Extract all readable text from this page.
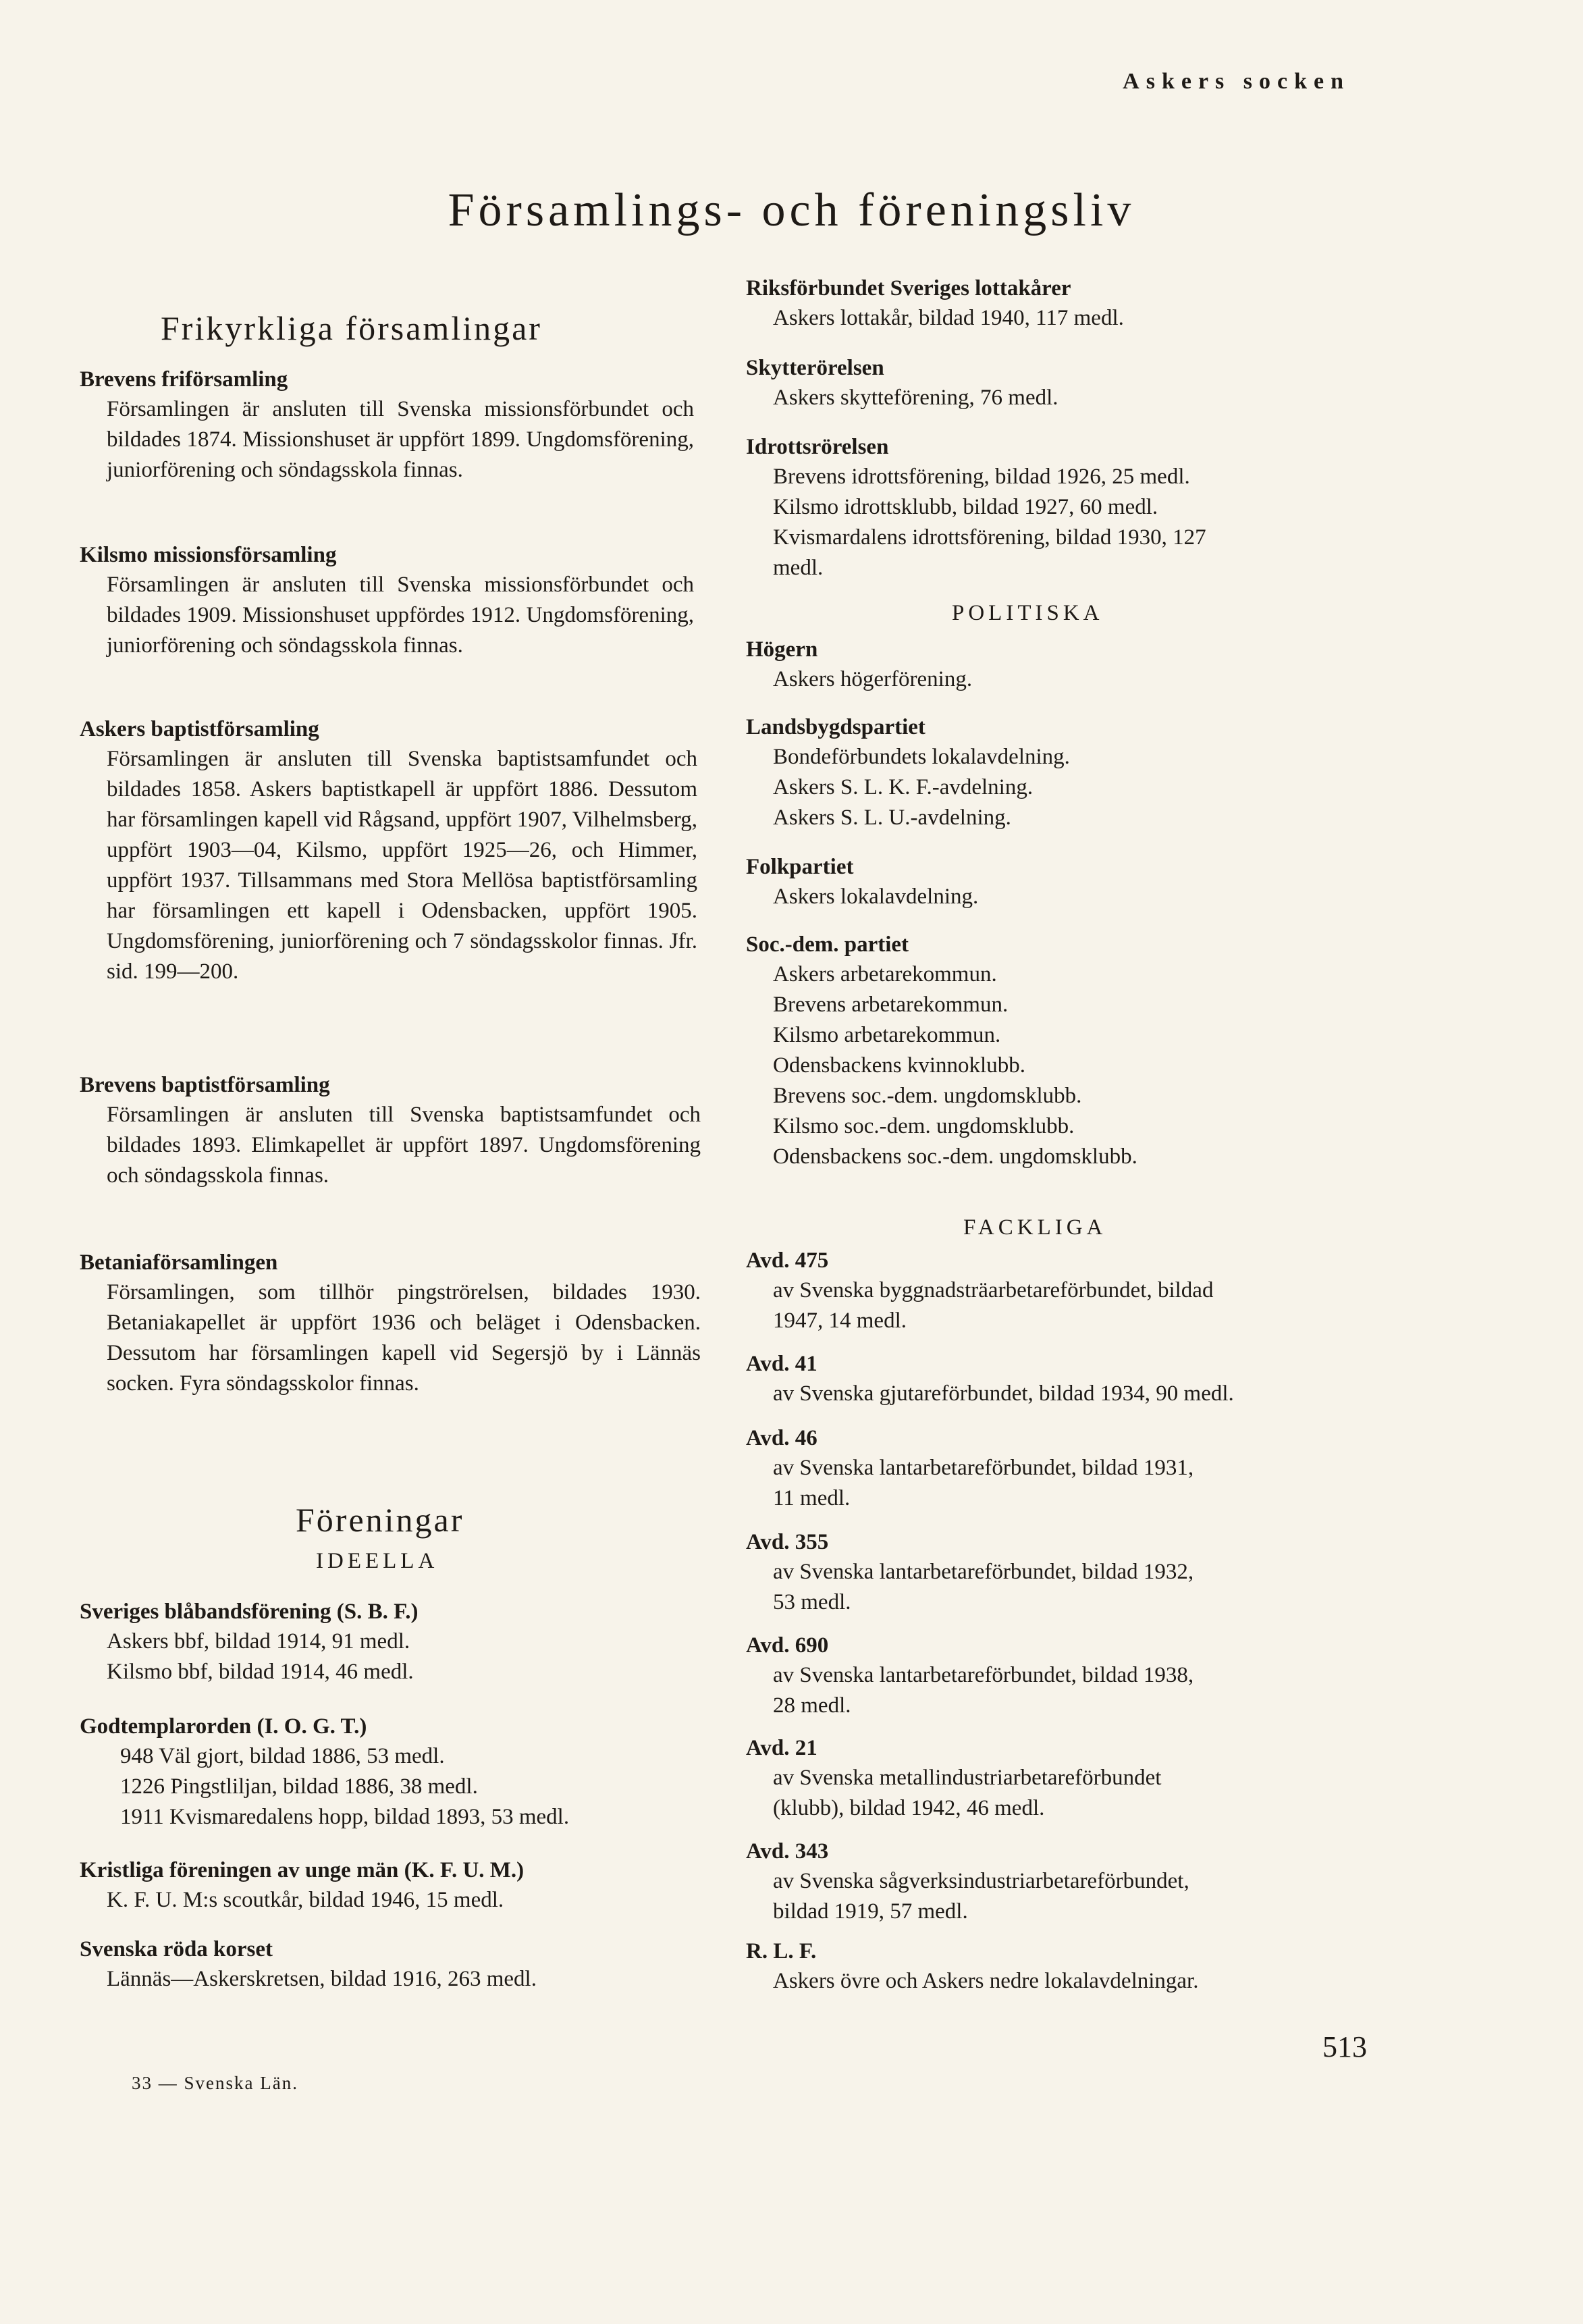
Askers socken
Församlings- och föreningsliv
Frikyrkliga församlingar
Brevens friförsamling
Församlingen är ansluten till Svenska missionsförbundet och bildades 1874. Missionshuset är uppfört 1899. Ungdomsförening, juniorförening och söndagsskola finnas.
Kilsmo missionsförsamling
Församlingen är ansluten till Svenska missionsförbundet och bildades 1909. Missionshuset uppfördes 1912. Ungdomsförening, juniorförening och söndagsskola finnas.
Askers baptistförsamling
Församlingen är ansluten till Svenska baptistsamfundet och bildades 1858. Askers baptistkapell är uppfört 1886. Dessutom har församlingen kapell vid Rågsand, uppfört 1907, Vilhelmsberg, uppfört 1903—04, Kilsmo, uppfört 1925—26, och Himmer, uppfört 1937. Tillsammans med Stora Mellösa baptistförsamling har församlingen ett kapell i Odensbacken, uppfört 1905. Ungdomsförening, juniorförening och 7 söndagsskolor finnas. Jfr. sid. 199—200.
Brevens baptistförsamling
Församlingen är ansluten till Svenska baptistsamfundet och bildades 1893. Elimkapellet är uppfört 1897. Ungdomsförening och söndagsskola finnas.
Betaniaförsamlingen
Församlingen, som tillhör pingströrelsen, bildades 1930. Betaniakapellet är uppfört 1936 och beläget i Odensbacken. Dessutom har församlingen kapell vid Segersjö by i Lännäs socken. Fyra söndagsskolor finnas.
Föreningar
IDEELLA
Sveriges blåbandsförening (S. B. F.)
Askers bbf, bildad 1914, 91 medl.
Kilsmo bbf, bildad 1914, 46 medl.
Godtemplarorden (I. O. G. T.)
948 Väl gjort, bildad 1886, 53 medl.
1226 Pingstliljan, bildad 1886, 38 medl.
1911 Kvismaredalens hopp, bildad 1893, 53 medl.
Kristliga föreningen av unge män (K. F. U. M.)
K. F. U. M:s scoutkår, bildad 1946, 15 medl.
Svenska röda korset
Lännäs—Askerskretsen, bildad 1916, 263 medl.
Riksförbundet Sveriges lottakårer
Askers lottakår, bildad 1940, 117 medl.
Skytterörelsen
Askers skytteförening, 76 medl.
Idrottsrörelsen
Brevens idrottsförening, bildad 1926, 25 medl.
Kilsmo idrottsklubb, bildad 1927, 60 medl.
Kvismardalens idrottsförening, bildad 1930, 127
medl.
POLITISKA
Högern
Askers högerförening.
Landsbygdspartiet
Bondeförbundets lokalavdelning.
Askers S. L. K. F.-avdelning.
Askers S. L. U.-avdelning.
Folkpartiet
Askers lokalavdelning.
Soc.-dem. partiet
Askers arbetarekommun.
Brevens arbetarekommun.
Kilsmo arbetarekommun.
Odensbackens kvinnoklubb.
Brevens soc.-dem. ungdomsklubb.
Kilsmo soc.-dem. ungdomsklubb.
Odensbackens soc.-dem. ungdomsklubb.
FACKLIGA
Avd. 475
av Svenska byggnadsträarbetareförbundet, bildad
1947, 14 medl.
Avd. 41
av Svenska gjutareförbundet, bildad 1934, 90 medl.
Avd. 46
av Svenska lantarbetareförbundet, bildad 1931,
11 medl.
Avd. 355
av Svenska lantarbetareförbundet, bildad 1932,
53 medl.
Avd. 690
av Svenska lantarbetareförbundet, bildad 1938,
28 medl.
Avd. 21
av Svenska metallindustriarbetareförbundet
(klubb), bildad 1942, 46 medl.
Avd. 343
av Svenska sågverksindustriarbetareförbundet,
bildad 1919, 57 medl.
R. L. F.
Askers övre och Askers nedre lokalavdelningar.
513
33 — Svenska Län.
